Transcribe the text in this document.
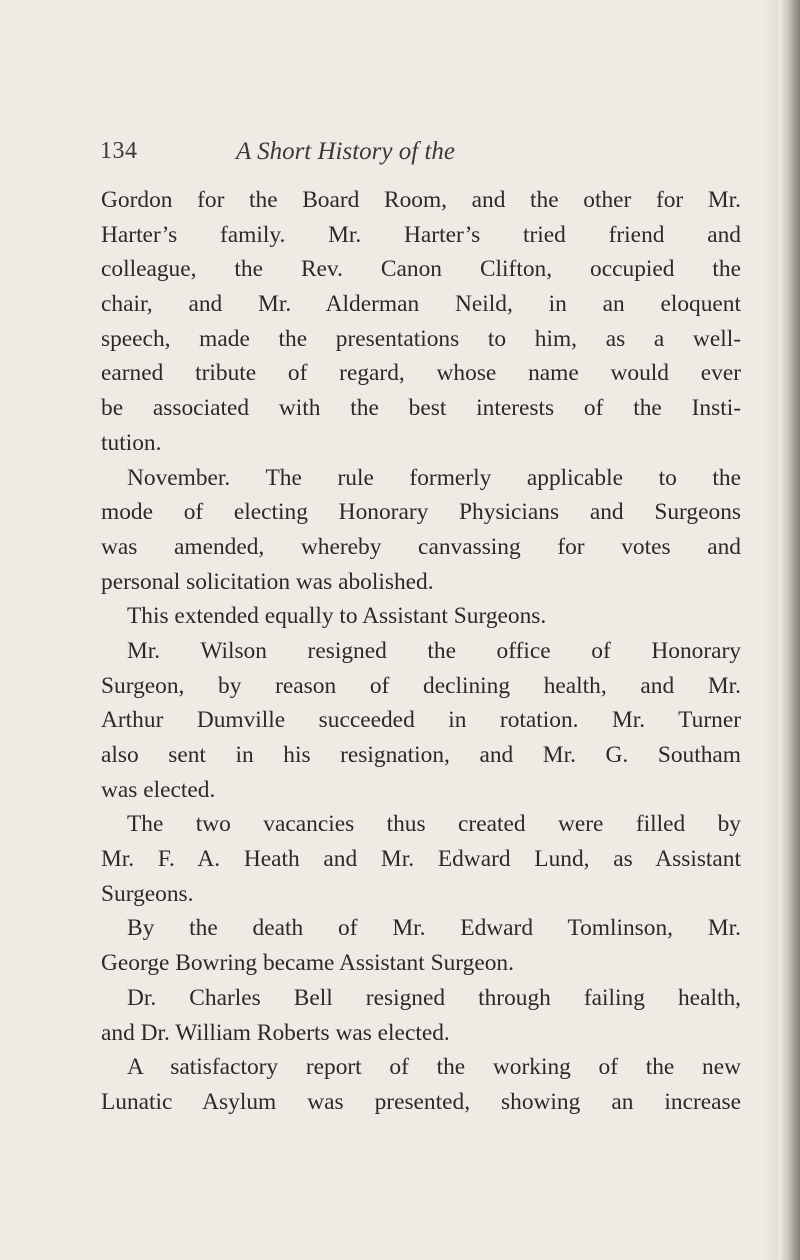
134	A Short History of the
Gordon for the Board Room, and the other for Mr.
Harter’s family. Mr. Harter’s tried friend and
colleague, the Rev. Canon Clifton, occupied the
chair, and Mr. Alderman Neild, in an eloquent
speech, made the presentations to him, as a well-
earned tribute of regard, whose name would ever
be associated with the best interests of the Insti-
tution.
November. The rule formerly applicable to the
mode of electing Honorary Physicians and Surgeons
was amended, whereby canvassing for votes and
personal solicitation was abolished.
This extended equally to Assistant Surgeons.
Mr. Wilson resigned the office of Honorary
Surgeon, by reason of declining health, and Mr.
Arthur Dumville succeeded in rotation. Mr. Turner
also sent in his resignation, and Mr. G. Southam
was elected.
The two vacancies thus created were filled by
Mr. F. A. Heath and Mr. Edward Lund, as Assistant
Surgeons.
By the death of Mr. Edward Tomlinson, Mr.
George Bowring became Assistant Surgeon.
Dr. Charles Bell resigned through failing health,
and Dr. William Roberts was elected.
A satisfactory report of the working of the new
Lunatic Asylum was presented, showing an increase
